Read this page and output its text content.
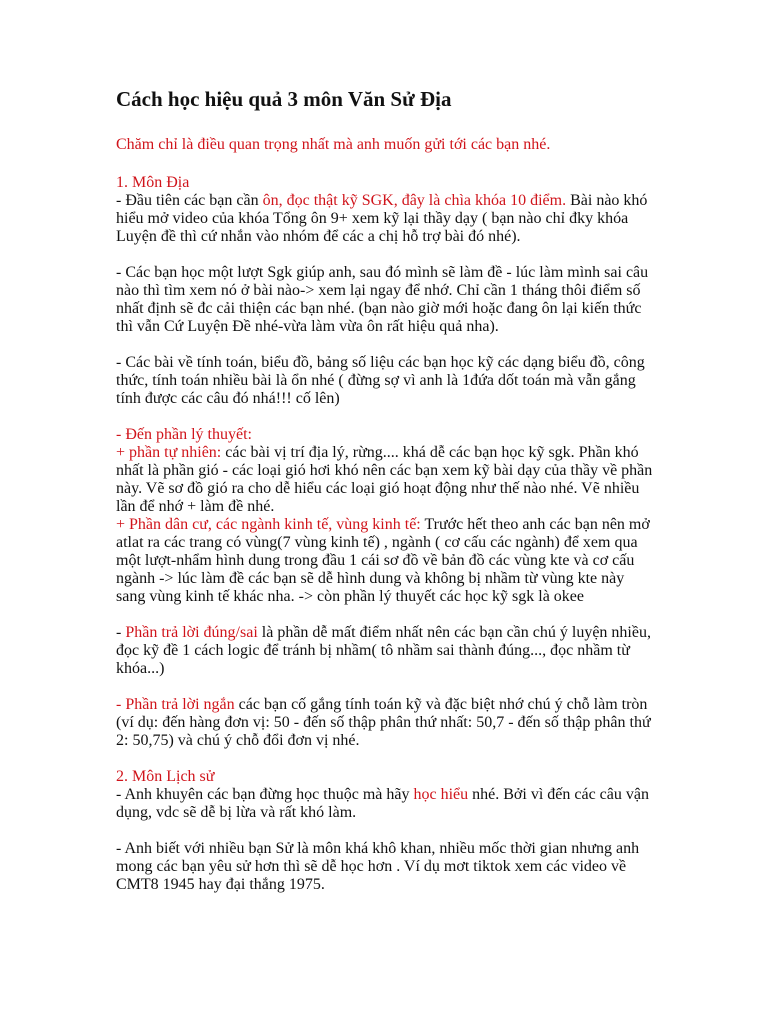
Cách học hiệu quả 3 môn Văn Sử Địa

Chăm chỉ là điều quan trọng nhất mà anh muốn gửi tới các bạn nhé.

1. Môn Địa

- Đầu tiên các bạn cần ôn, đọc thật kỹ SGK, đây là chìa khóa 10 điểm. Bài nào khó hiểu mở video của khóa Tổng ôn 9+ xem kỹ lại thầy dạy ( bạn nào chỉ đky khóa Luyện đề thì cứ nhắn vào nhóm để các a chị hỗ trợ bài đó nhé).

- Các bạn học một lượt Sgk giúp anh, sau đó mình sẽ làm đề - lúc làm mình sai câu nào thì tìm xem nó ở bài nào-> xem lại ngay để nhớ. Chỉ cần 1 tháng thôi điểm số nhất định sẽ đc cải thiện các bạn nhé. (bạn nào giờ mới hoặc đang ôn lại kiến thức thì vẫn Cứ Luyện Đề nhé-vừa làm vừa ôn rất hiệu quả nha).

- Các bài về tính toán, biểu đồ, bảng số liệu các bạn học kỹ các dạng biểu đồ, công thức, tính toán nhiều bài là ổn nhé ( đừng sợ vì anh là 1đứa dốt toán mà vẫn gắng tính được các câu đó nhá!!! cố lên)

- Đến phần lý thuyết:

+ phần tự nhiên: các bài vị trí địa lý, rừng.... khá dễ các bạn học kỹ sgk. Phần khó nhất là phần gió - các loại gió hơi khó nên các bạn xem kỹ bài dạy của thầy về phần này. Vẽ sơ đồ gió ra cho dễ hiểu các loại gió hoạt động như thế nào nhé. Vẽ nhiều lần để nhớ + làm đề nhé.

+ Phần dân cư, các ngành kinh tế, vùng kinh tế: Trước hết theo anh các bạn nên mở atlat ra các trang có vùng(7 vùng kinh tế) , ngành ( cơ cấu các ngành) để xem qua một lượt-nhẩm hình dung trong đầu 1 cái sơ đồ về bản đồ các vùng kte và cơ cấu ngành -> lúc làm đề các bạn sẽ dễ hình dung và không bị nhầm từ vùng kte này sang vùng kinh tế khác nha. -> còn phần lý thuyết các học kỹ sgk là okee

- Phần trả lời đúng/sai là phần dễ mất điểm nhất nên các bạn cần chú ý luyện nhiều, đọc kỹ đề 1 cách logic để tránh bị nhầm( tô nhầm sai thành đúng..., đọc nhầm từ khóa...)

- Phần trả lời ngắn các bạn cố gắng tính toán kỹ và đặc biệt nhớ chú ý chỗ làm tròn (ví dụ: đến hàng đơn vị: 50 - đến số thập phân thứ nhất: 50,7 - đến số thập phân thứ 2: 50,75) và chú ý chỗ đổi đơn vị nhé.

2. Môn Lịch sử

- Anh khuyên các bạn đừng học thuộc mà hãy học hiểu nhé. Bởi vì đến các câu vận dụng, vdc sẽ dễ bị lừa và rất khó làm.

- Anh biết với nhiều bạn Sử là môn khá khô khan, nhiều mốc thời gian nhưng anh mong các bạn yêu sử hơn thì sẽ dễ học hơn . Ví dụ mơt tiktok xem các video về CMT8 1945 hay đại thắng 1975.
